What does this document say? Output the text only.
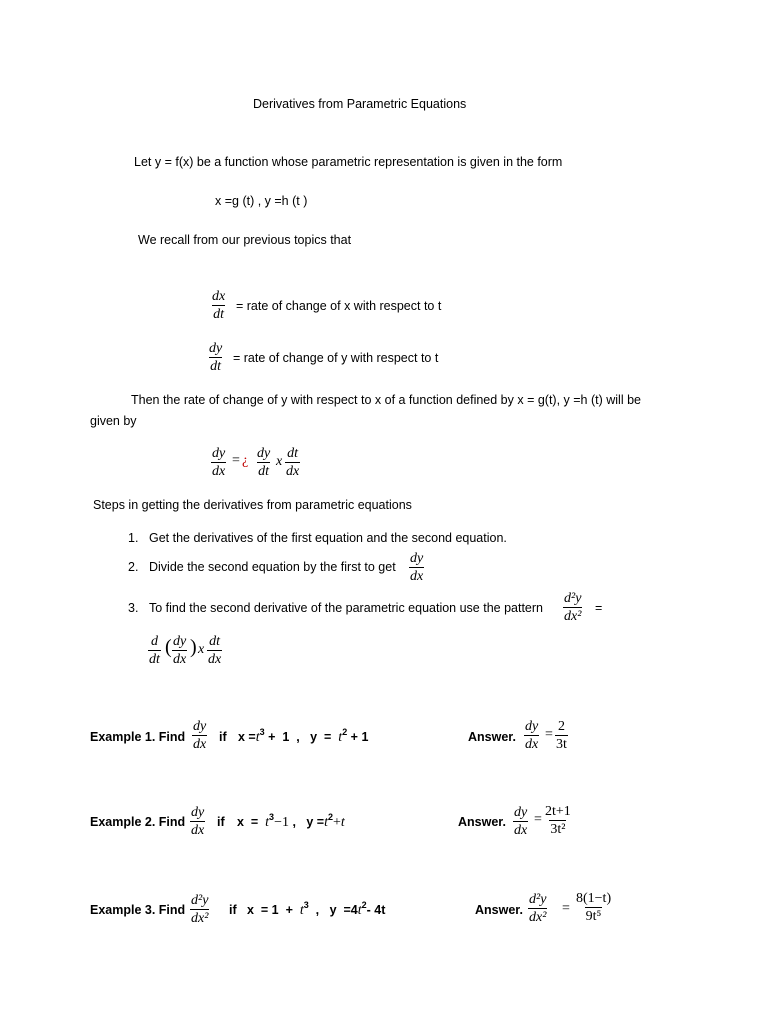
Derivatives from Parametric Equations
Let y = f(x) be a function whose parametric representation is given in the form
x =g (t) , y =h (t )
We recall from our previous topics that
$\frac{dx}{dt}$ = rate of change of x with respect to t
$\frac{dy}{dt}$ = rate of change of y with respect to t
Then the rate of change of y with respect to x of a function defined by x = g(t), y =h (t) will be
given by
$\frac{dy}{dx}$ = ¿ $\frac{dy}{dt}$ x $\frac{dt}{dx}$
Steps in getting the derivatives from parametric equations
1. Get the derivatives of the first equation and the second equation.
2. Divide the second equation by the first to get $\frac{dy}{dx}$
3. To find the second derivative of the parametric equation use the pattern $\frac{\text{d²y}}{\text{dx²}}$ =
$\frac{d}{dt}$ ( $\frac{dy}{dx}$ ) x $\frac{dt}{dx}$
Example 1. Find $\frac{dy}{dx}$ if $x =t^3 + 1$  ,   $y = t^2 + 1$	Answer. $\frac{dy}{dx} = \frac{2}{3t}$
Example 2. Find $\frac{dy}{dx}$ if $x = t^3-1$ ,   $y =t^2+t$	Answer. $\frac{dy}{dx} = \frac{2t+1}{\text{3t²}}$
Example 3. Find $\frac{\text{d²y}}{\text{dx²}}$ if $x = 1 + t^3$  ,   $y =4t^2-$ 4t	Answer. $\frac{\text{d²y}}{\text{dx²}} = \frac{8(1-t)}{\text{9t⁵}}$
